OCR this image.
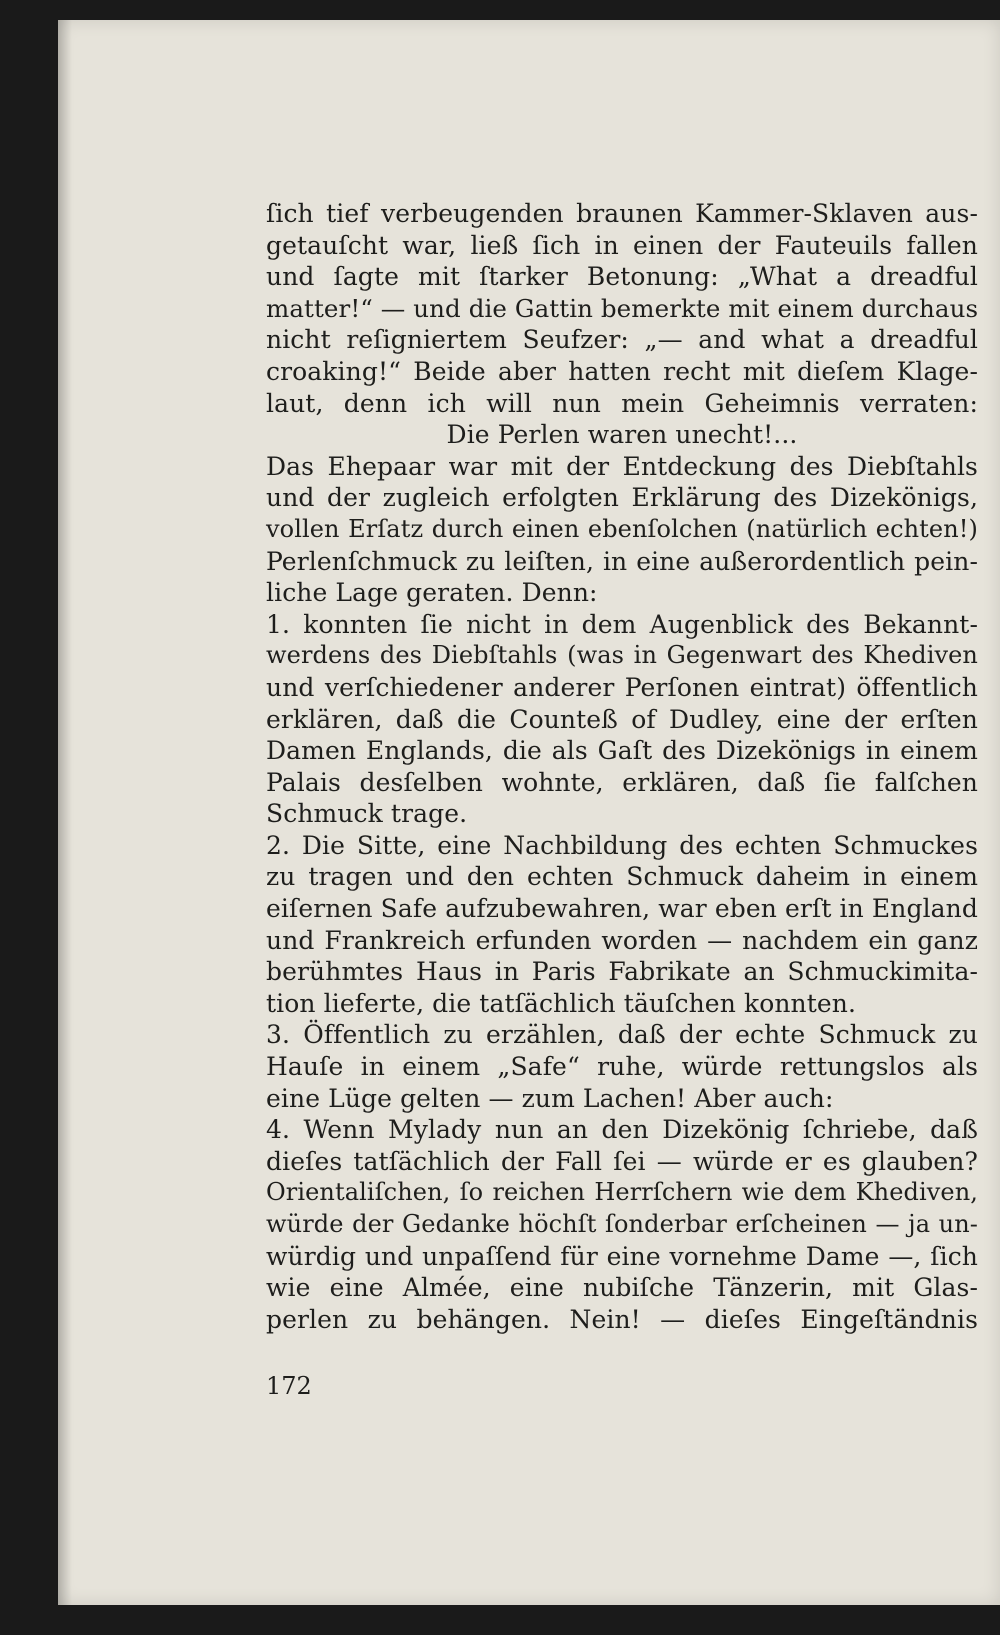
ſich tief verbeugenden braunen Kammer-Sklaven aus-
getauſcht war, ließ ſich in einen der Fauteuils fallen
und ſagte mit ſtarker Betonung: „What a dreadful
matter!“ — und die Gattin bemerkte mit einem durchaus
nicht reſigniertem Seufzer: „— and what a dreadful
croaking!“ Beide aber hatten recht mit dieſem Klage-
laut, denn ich will nun mein Geheimnis verraten:
Die Perlen waren unecht!...
Das Ehepaar war mit der Entdeckung des Diebſtahls
und der zugleich erfolgten Erklärung des Dizekönigs,
vollen Erſatz durch einen ebenſolchen (natürlich echten!)
Perlenſchmuck zu leiſten, in eine außerordentlich pein-
liche Lage geraten. Denn:
1. konnten ſie nicht in dem Augenblick des Bekannt-
werdens des Diebſtahls (was in Gegenwart des Khediven
und verſchiedener anderer Perſonen eintrat) öffentlich
erklären, daß die Counteß of Dudley, eine der erſten
Damen Englands, die als Gaſt des Dizekönigs in einem
Palais desſelben wohnte, erklären, daß ſie falſchen
Schmuck trage.
2. Die Sitte, eine Nachbildung des echten Schmuckes
zu tragen und den echten Schmuck daheim in einem
eiſernen Safe aufzubewahren, war eben erſt in England
und Frankreich erfunden worden — nachdem ein ganz
berühmtes Haus in Paris Fabrikate an Schmuckimita-
tion lieferte, die tatſächlich täuſchen konnten.
3. Öffentlich zu erzählen, daß der echte Schmuck zu
Hauſe in einem „Safe“ ruhe, würde rettungslos als
eine Lüge gelten — zum Lachen! Aber auch:
4. Wenn Mylady nun an den Dizekönig ſchriebe, daß
dieſes tatſächlich der Fall ſei — würde er es glauben?
Orientaliſchen, ſo reichen Herrſchern wie dem Khediven,
würde der Gedanke höchſt ſonderbar erſcheinen — ja un-
würdig und unpaſſend für eine vornehme Dame —, ſich
wie eine Almée, eine nubiſche Tänzerin, mit Glas-
perlen zu behängen. Nein! — dieſes Eingeſtändnis
172
